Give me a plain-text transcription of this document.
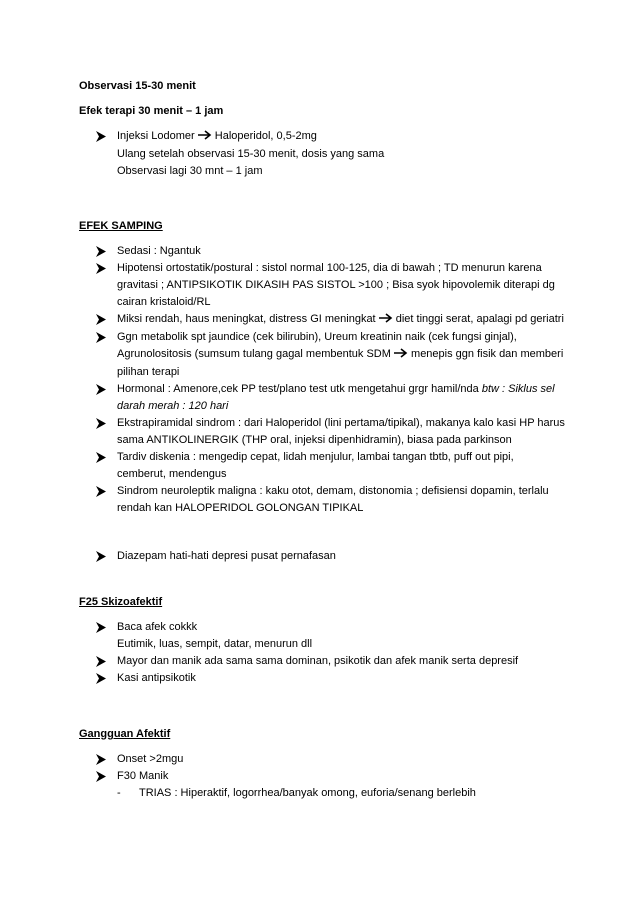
Observasi 15-30 menit

Efek terapi 30 menit – 1 jam

Injeksi Lodomer  Haloperidol, 0,5-2mg
Ulang setelah observasi 15-30 menit, dosis yang sama
Observasi lagi 30 mnt – 1 jam

EFEK SAMPING

Sedasi : Ngantuk
Hipotensi ortostatik/postural : sistol normal 100-125, dia di bawah ; TD menurun karena gravitasi ; ANTIPSIKOTIK DIKASIH PAS SISTOL >100 ; Bisa syok hipovolemik diterapi dg cairan kristaloid/RL
Miksi rendah, haus meningkat, distress GI meningkat  diet tinggi serat, apalagi pd geriatri
Ggn metabolik spt jaundice (cek bilirubin), Ureum kreatinin naik (cek fungsi ginjal), Agrunolositosis (sumsum tulang gagal membentuk SDM  menepis ggn fisik dan memberi pilihan terapi
Hormonal : Amenore,cek PP test/plano test utk mengetahui grgr hamil/nda btw : Siklus sel darah merah : 120 hari
Ekstrapiramidal sindrom : dari Haloperidol (lini pertama/tipikal), makanya kalo kasi HP harus sama ANTIKOLINERGIK (THP oral, injeksi dipenhidramin), biasa pada parkinson
Tardiv diskenia : mengedip cepat, lidah menjulur, lambai tangan tbtb, puff out pipi, cemberut, mendengus
Sindrom neuroleptik maligna : kaku otot, demam, distonomia ; defisiensi dopamin, terlalu rendah kan HALOPERIDOL GOLONGAN TIPIKAL
Diazepam hati-hati depresi pusat pernafasan

F25 Skizoafektif

Baca afek cokkk
Eutimik, luas, sempit, datar, menurun dll
Mayor dan manik ada sama sama dominan, psikotik dan afek manik serta depresif
Kasi antipsikotik

Gangguan Afektif

Onset >2mgu
F30 Manik
- TRIAS : Hiperaktif, logorrhea/banyak omong, euforia/senang berlebih
